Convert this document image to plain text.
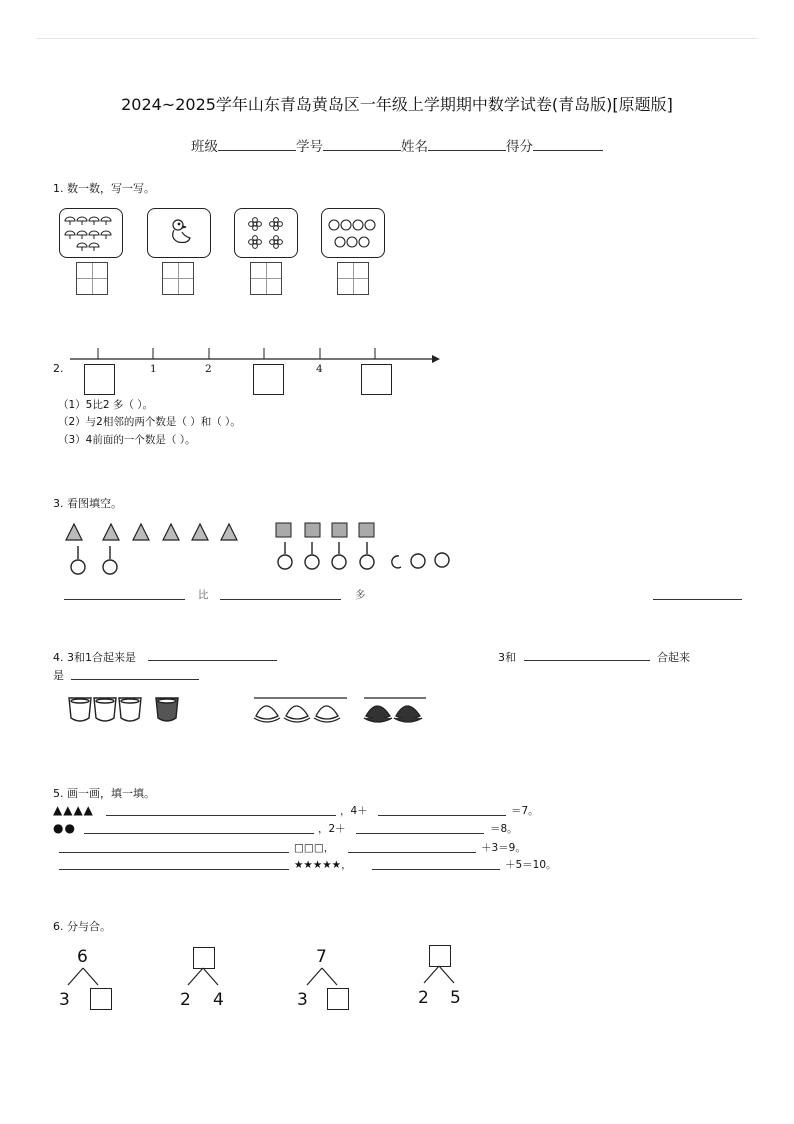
2024~2025学年山东青岛黄岛区一年级上学期期中数学试卷(青岛版)[原题版]
班级	学号	姓名	得分
1. 数一数，写一写。
2.	1	2	4
（1）5比2 多（ ）。
（2）与2相邻的两个数是（ ）和（ ）。
（3）4前面的一个数是（ ）。
3. 看图填空。
比	多
4. 3和1合起来是	3和	合起来
是
5. 画一画，填一填。
▲▲▲▲	，4＋	＝7。
●●	，2＋	＝8。
□□□，	＋3＝9。
★★★★★，	＋5＝10。
6. 分与合。
6
3	2 4
7
3	2 5
